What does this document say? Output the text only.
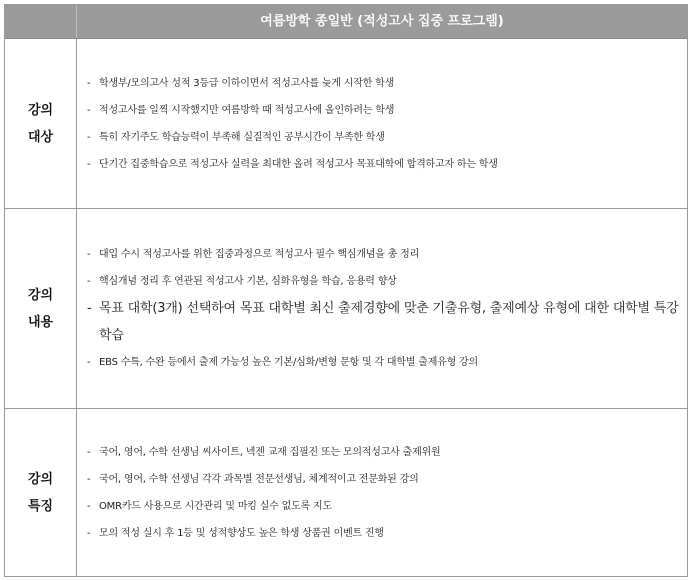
여름방학 종일반 (적성고사 집중 프로그램)
강의 대상
- 학생부/모의고사 성적 3등급 이하이면서 적성고사를 늦게 시작한 학생
- 적성고사를 일찍 시작했지만 여름방학 때 적성고사에 올인하려는 학생
- 특히 자기주도 학습능력이 부족해 실질적인 공부시간이 부족한 학생
- 단기간 집중학습으로 적성고사 실력을 최대한 올려 적성고사 목표대학에 합격하고자 하는 학생
강의 내용
- 대입 수시 적성고사를 위한 집중과정으로 적성고사 필수 핵심개념을 총 정리
- 핵심개념 정리 후 연관된 적성고사 기본, 심화유형을 학습, 응용력 향상
- 목표 대학(3개) 선택하여 목표 대학별 최신 출제경향에 맞춘 기출유형, 출제예상 유형에 대한 대학별 특강 학습
- EBS 수특, 수완 등에서 출제 가능성 높은 기본/심화/변형 문항 및 각 대학별 출제유형 강의
강의 특징
- 국어, 영어, 수학 선생님 씨사이트, 넥젠 교재 집필진 또는 모의적성고사 출제위원
- 국어, 영어, 수학 선생님 각각 과목별 전문선생님, 체계적이고 전문화된 강의
- OMR카드 사용으로 시간관리 및 마킹 실수 없도록 지도
- 모의 적성 실시 후 1등 및 성적향상도 높은 학생 상품권 이벤트 진행
